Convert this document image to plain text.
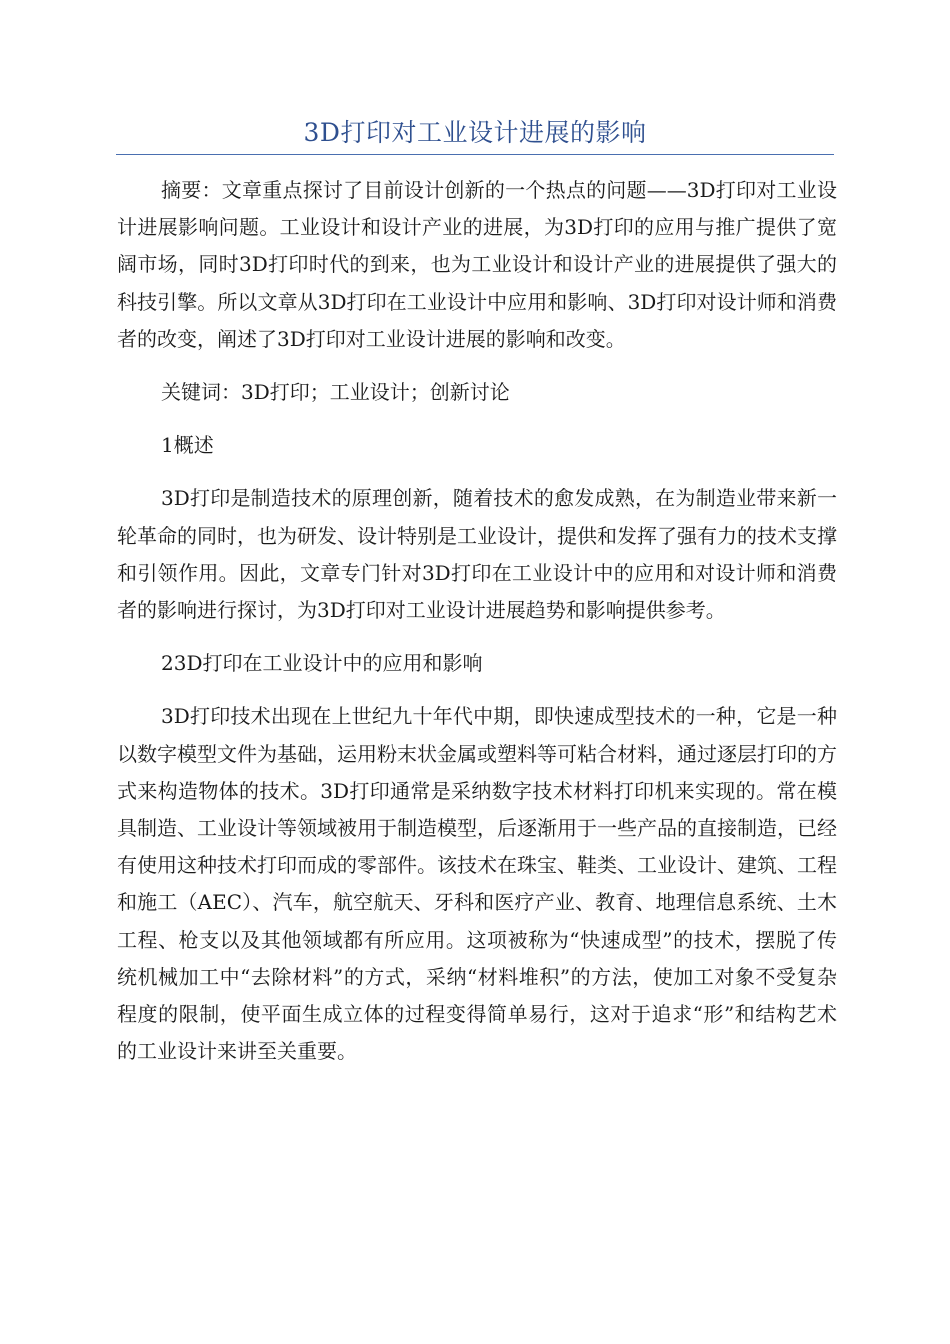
3D打印对工业设计进展的影响

摘要：文章重点探讨了目前设计创新的一个热点的问题——3D打印对工业设计进展影响问题。工业设计和设计产业的进展，为3D打印的应用与推广提供了宽阔市场，同时3D打印时代的到来，也为工业设计和设计产业的进展提供了强大的科技引擎。所以文章从3D打印在工业设计中应用和影响、3D打印对设计师和消费者的改变，阐述了3D打印对工业设计进展的影响和改变。

关键词：3D打印；工业设计；创新讨论

1概述

3D打印是制造技术的原理创新，随着技术的愈发成熟，在为制造业带来新一轮革命的同时，也为研发、设计特别是工业设计，提供和发挥了强有力的技术支撑和引领作用。因此，文章专门针对3D打印在工业设计中的应用和对设计师和消费者的影响进行探讨，为3D打印对工业设计进展趋势和影响提供参考。

23D打印在工业设计中的应用和影响

3D打印技术出现在上世纪九十年代中期，即快速成型技术的一种，它是一种以数字模型文件为基础，运用粉末状金属或塑料等可粘合材料，通过逐层打印的方式来构造物体的技术。3D打印通常是采纳数字技术材料打印机来实现的。常在模具制造、工业设计等领域被用于制造模型，后逐渐用于一些产品的直接制造，已经有使用这种技术打印而成的零部件。该技术在珠宝、鞋类、工业设计、建筑、工程和施工（AEC）、汽车，航空航天、牙科和医疗产业、教育、地理信息系统、土木工程、枪支以及其他领域都有所应用。这项被称为“快速成型”的技术，摆脱了传统机械加工中“去除材料”的方式，采纳“材料堆积”的方法，使加工对象不受复杂程度的限制，使平面生成立体的过程变得简单易行，这对于追求“形”和结构艺术的工业设计来讲至关重要。
